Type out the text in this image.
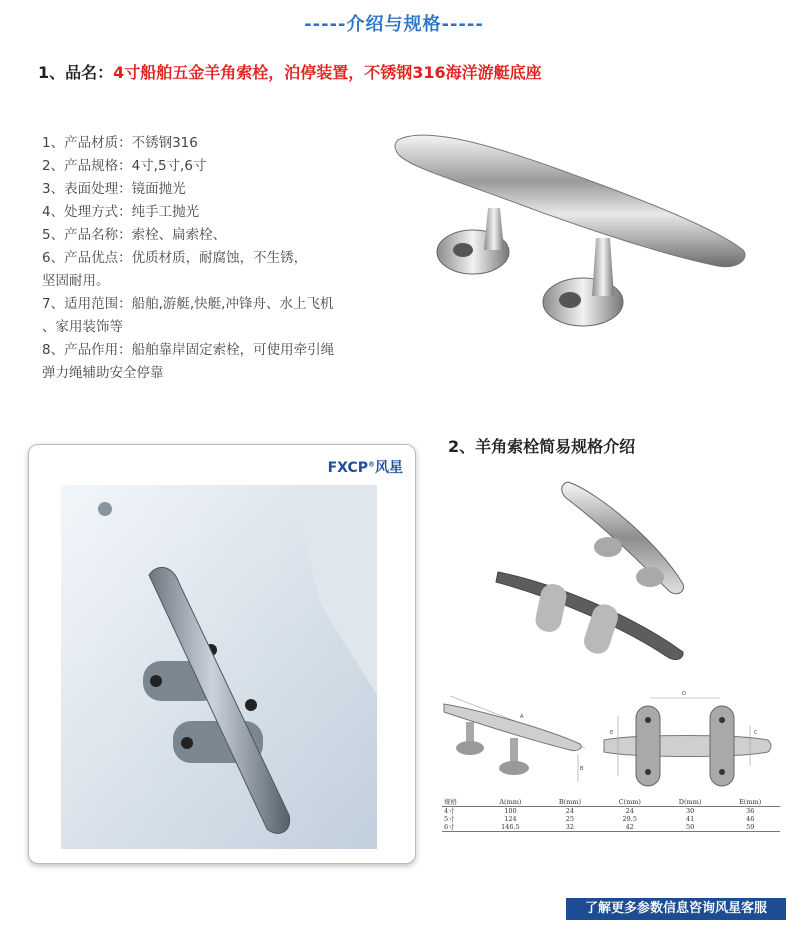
-----介绍与规格-----
1、品名：4寸船舶五金羊角索栓，泊停装置，不锈钢316海洋游艇底座
1、产品材质：不锈钢316
2、产品规格：4寸,5寸,6寸
3、表面处理：镜面抛光
4、处理方式：纯手工抛光
5、产品名称：索栓、扁索栓、
6、产品优点：优质材质，耐腐蚀，不生锈，
坚固耐用。
7、适用范围：船舶,游艇,快艇,冲锋舟、水上飞机
、家用装饰等
8、产品作用：船舶靠岸固定索栓，可使用牵引绳
弹力绳辅助安全停靠
FXCP®风星
2、羊角索栓简易规格介绍
A
B
D
E	C
规格	A(mm)	B(mm)	C(mm)	D(mm)	E(mm)
4寸	100	24	24	30	36
5寸	124	25	29.5	41	46
6寸	146.5	32	42	50	59
了解更多参数信息咨询风星客服
